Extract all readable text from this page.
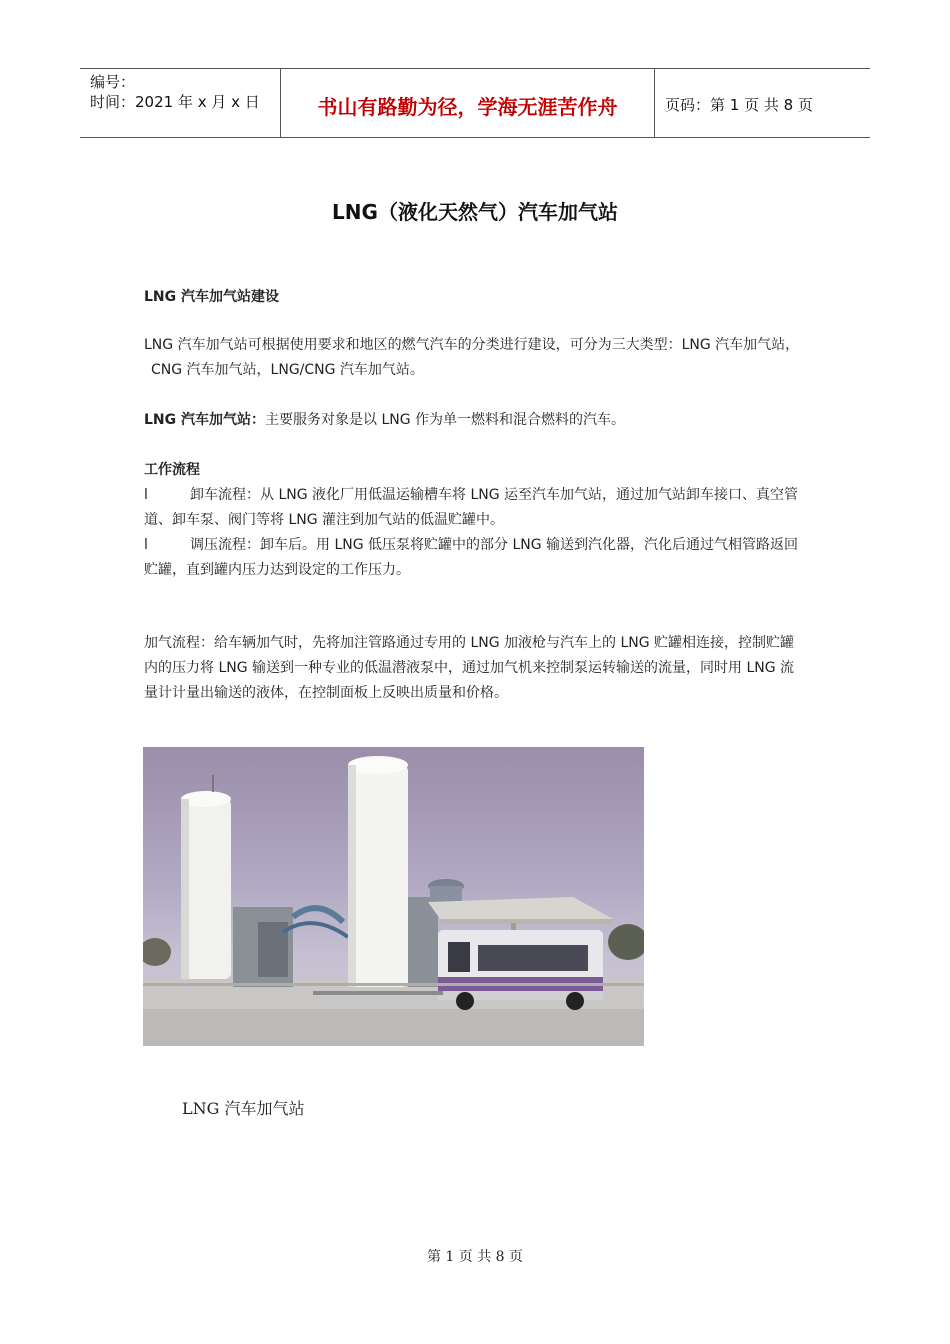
编号：
时间：2021 年 x 月 x 日	书山有路勤为径，学海无涯苦作舟	页码：第 1 页 共 8 页
LNG（液化天然气）汽车加气站
LNG 汽车加气站建设
LNG 汽车加气站可根据使用要求和地区的燃气汽车的分类进行建设，可分为三大类型：LNG 汽车加气站，
CNG 汽车加气站，LNG/CNG 汽车加气站。
LNG 汽车加气站：主要服务对象是以 LNG 作为单一燃料和混合燃料的汽车。
工作流程
l	卸车流程：从 LNG 液化厂用低温运输槽车将 LNG 运至汽车加气站，通过加气站卸车接口、真空管
道、卸车泵、阀门等将 LNG 灌注到加气站的低温贮罐中。
l	调压流程：卸车后。用 LNG 低压泵将贮罐中的部分 LNG 输送到汽化器，汽化后通过气相管路返回
贮罐，直到罐内压力达到设定的工作压力。
加气流程：给车辆加气时，先将加注管路通过专用的 LNG 加液枪与汽车上的 LNG 贮罐相连接，控制贮罐
内的压力将 LNG 输送到一种专业的低温潜液泵中，通过加气机来控制泵运转输送的流量，同时用 LNG 流
量计计量出输送的液体，在控制面板上反映出质量和价格。
LNG 汽车加气站
第 1 页 共 8 页
